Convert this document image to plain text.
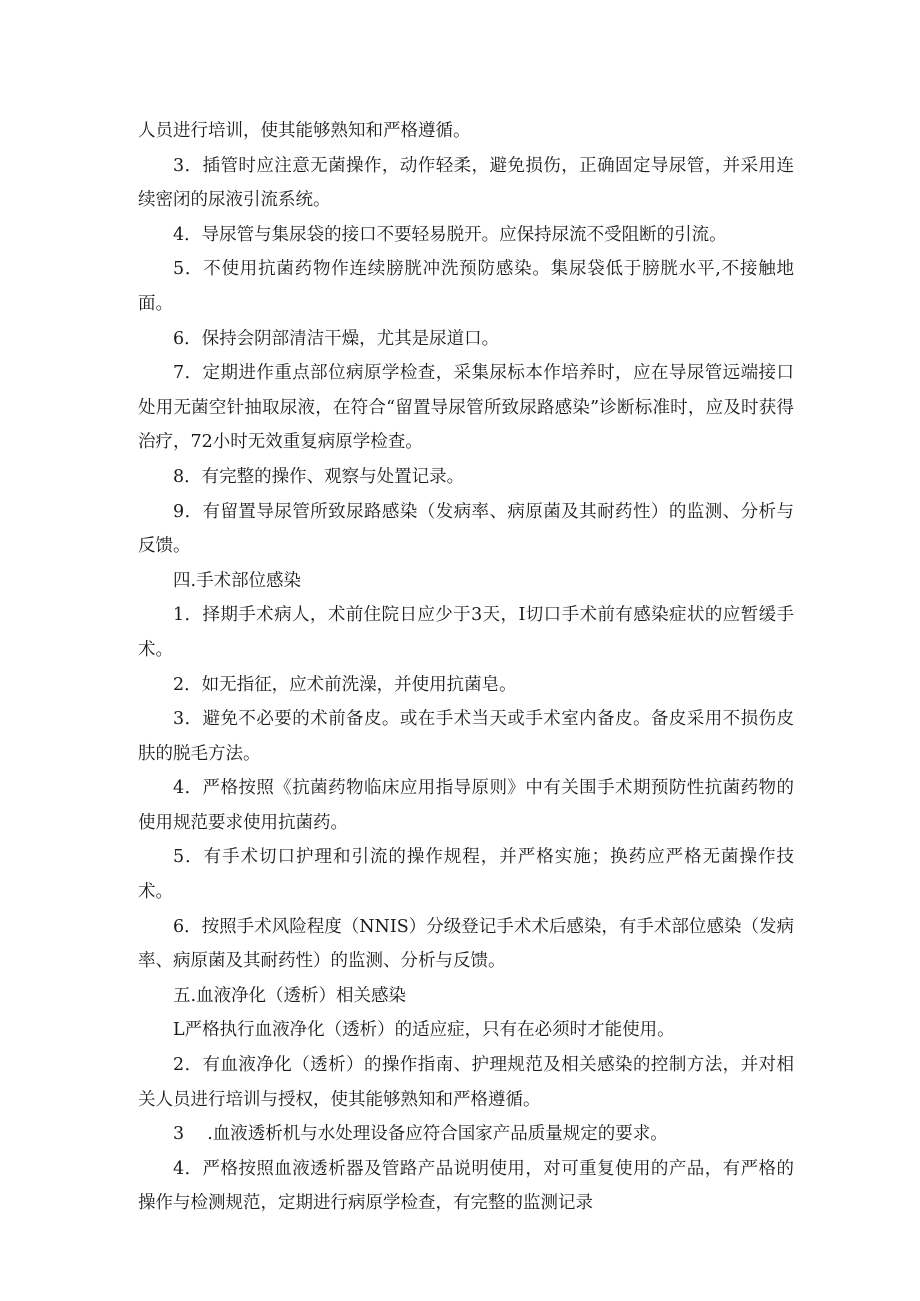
人员进行培训，使其能够熟知和严格遵循。

3．插管时应注意无菌操作，动作轻柔，避免损伤，正确固定导尿管，并采用连续密闭的尿液引流系统。

4．导尿管与集尿袋的接口不要轻易脱开。应保持尿流不受阻断的引流。

5．不使用抗菌药物作连续膀胱冲洗预防感染。集尿袋低于膀胱水平,不接触地面。

6．保持会阴部清洁干燥，尤其是尿道口。

7．定期进作重点部位病原学检查，采集尿标本作培养时，应在导尿管远端接口处用无菌空针抽取尿液，在符合“留置导尿管所致尿路感染”诊断标准时，应及时获得治疗，72小时无效重复病原学检查。

8．有完整的操作、观察与处置记录。

9．有留置导尿管所致尿路感染（发病率、病原菌及其耐药性）的监测、分析与反馈。

四.手术部位感染

1．择期手术病人，术前住院日应少于3天，I切口手术前有感染症状的应暂缓手术。

2．如无指征，应术前洗澡，并使用抗菌皂。

3．避免不必要的术前备皮。或在手术当天或手术室内备皮。备皮采用不损伤皮肤的脱毛方法。

4．严格按照《抗菌药物临床应用指导原则》中有关围手术期预防性抗菌药物的使用规范要求使用抗菌药。

5．有手术切口护理和引流的操作规程，并严格实施；换药应严格无菌操作技术。

6．按照手术风险程度（NNIS）分级登记手术术后感染，有手术部位感染（发病率、病原菌及其耐药性）的监测、分析与反馈。

五.血液净化（透析）相关感染

L严格执行血液净化（透析）的适应症，只有在必须时才能使用。

2．有血液净化（透析）的操作指南、护理规范及相关感染的控制方法，并对相关人员进行培训与授权，使其能够熟知和严格遵循。

3　 .血液透析机与水处理设备应符合国家产品质量规定的要求。

4．严格按照血液透析器及管路产品说明使用，对可重复使用的产品，有严格的操作与检测规范，定期进行病原学检查，有完整的监测记录
